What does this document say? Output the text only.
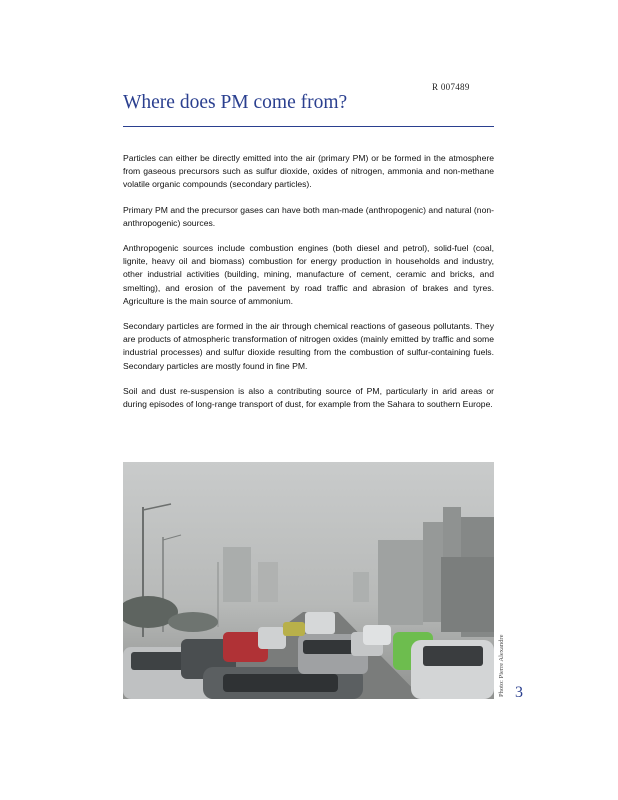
R 007489
Where does PM come from?

Particles can either be directly emitted into the air (primary PM) or be formed in the atmosphere from gaseous precursors such as sulfur dioxide, oxides of nitrogen, ammonia and non-methane volatile organic compounds (secondary particles).

Primary PM and the precursor gases can have both man-made (anthropogenic) and natural (non-anthropogenic) sources.

Anthropogenic sources include combustion engines (both diesel and petrol), solid-fuel (coal, lignite, heavy oil and biomass) combustion for energy production in households and industry, other industrial activities (building, mining, manufacture of cement, ceramic and bricks, and smelting), and erosion of the pavement by road traffic and abrasion of brakes and tyres. Agriculture is the main source of ammonium.

Secondary particles are formed in the air through chemical reactions of gaseous pollutants. They are products of atmospheric transformation of nitrogen oxides (mainly emitted by traffic and some industrial processes) and sulfur dioxide resulting from the combustion of sulfur-containing fuels. Secondary particles are mostly found in fine PM.

Soil and dust re-suspension is also a contributing source of PM, particularly in arid areas or during episodes of long-range transport of dust, for example from the Sahara to southern Europe.

Photo: Pierre Alexandre 3
